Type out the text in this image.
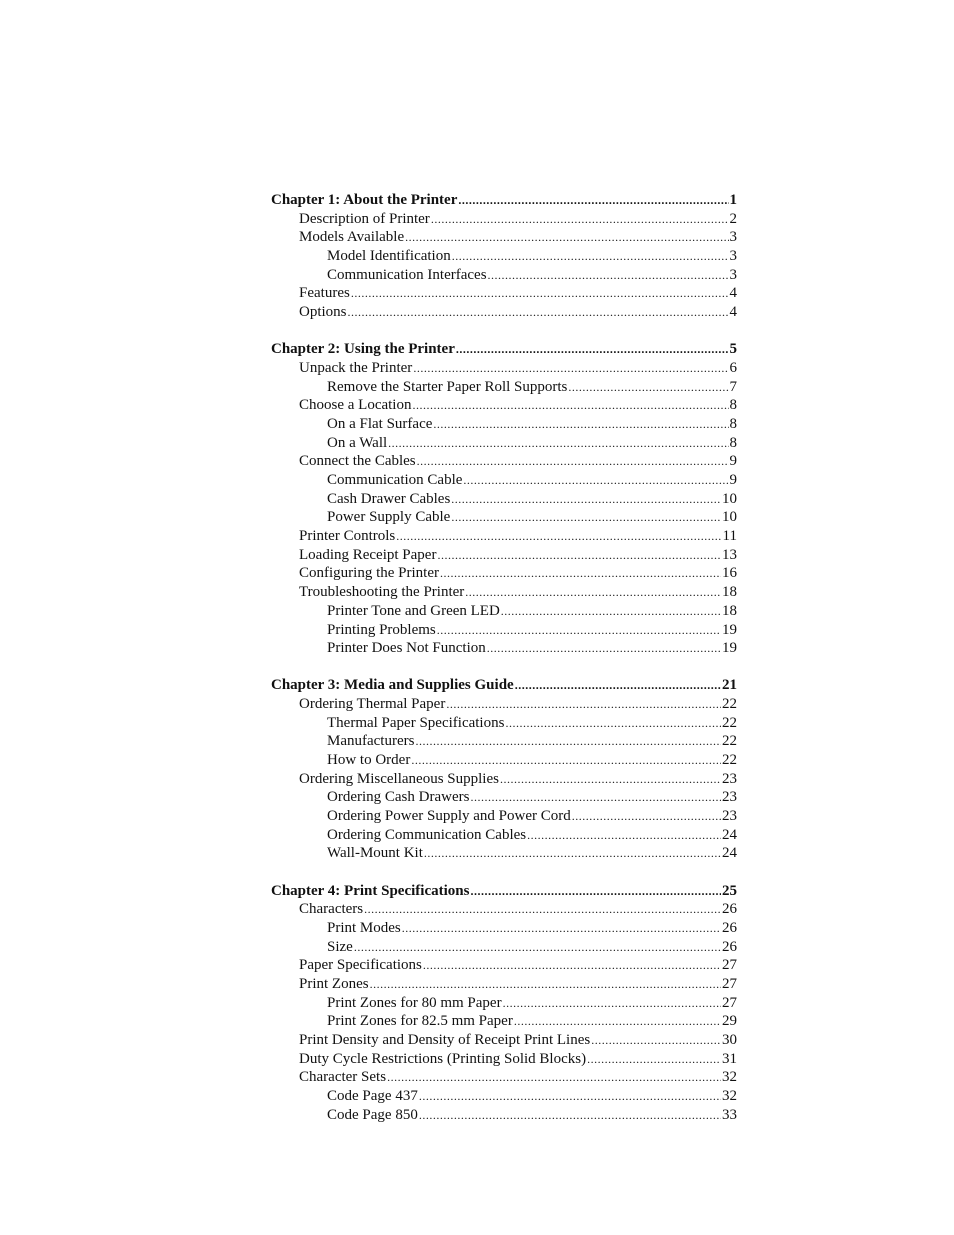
Chapter 1: About the Printer .....	1
Description of Printer .....	2
Models Available .....	3
Model Identification .....	3
Communication Interfaces .....	3
Features .....	4
Options .....	4
Chapter 2: Using the Printer .....	5
Unpack the Printer .....	6
Remove the Starter Paper Roll Supports .....	7
Choose a Location .....	8
On a Flat Surface .....	8
On a Wall .....	8
Connect the Cables .....	9
Communication Cable .....	9
Cash Drawer Cables .....	10
Power Supply Cable .....	10
Printer Controls .....	11
Loading Receipt Paper .....	13
Configuring the Printer .....	16
Troubleshooting the Printer .....	18
Printer Tone and Green LED .....	18
Printing Problems .....	19
Printer Does Not Function .....	19
Chapter 3: Media and Supplies Guide .....	21
Ordering Thermal Paper .....	22
Thermal Paper Specifications .....	22
Manufacturers .....	22
How to Order .....	22
Ordering Miscellaneous Supplies .....	23
Ordering Cash Drawers .....	23
Ordering Power Supply and Power Cord .....	23
Ordering Communication Cables .....	24
Wall-Mount Kit .....	24
Chapter 4: Print Specifications .....	25
Characters .....	26
Print Modes .....	26
Size .....	26
Paper Specifications .....	27
Print Zones .....	27
Print Zones for 80 mm Paper .....	27
Print Zones for 82.5 mm Paper .....	29
Print Density and Density of Receipt Print Lines .....	30
Duty Cycle Restrictions (Printing Solid Blocks) .....	31
Character Sets .....	32
Code Page 437 .....	32
Code Page 850 .....	33
